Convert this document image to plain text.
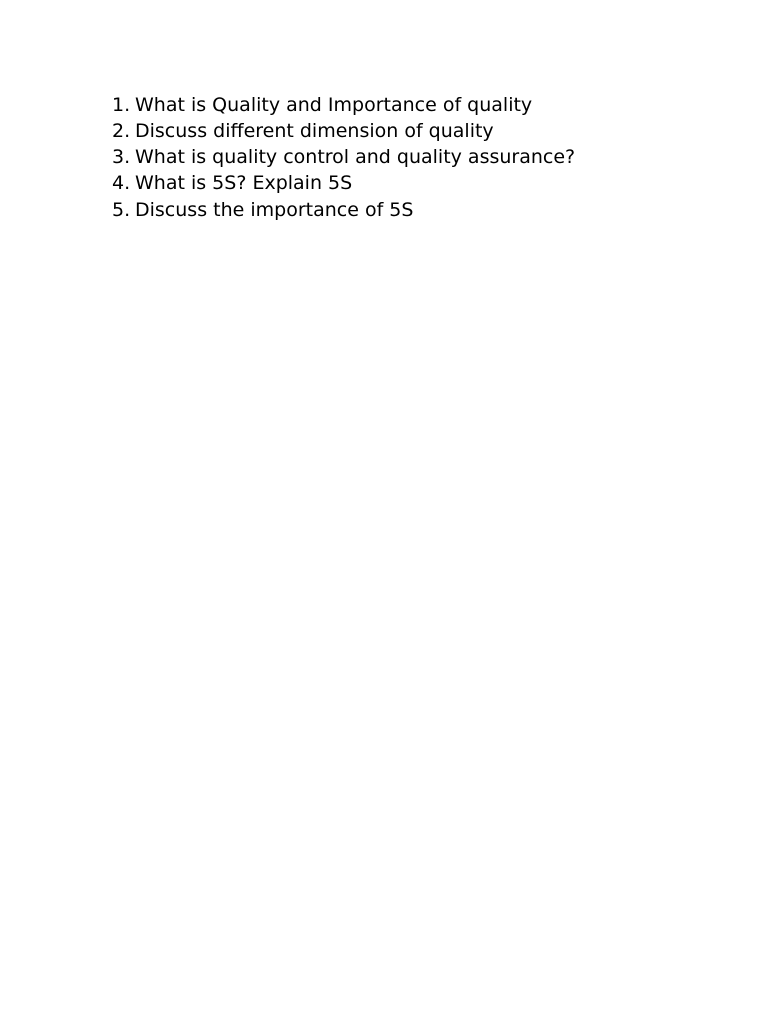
1. What is Quality and Importance of quality
2. Discuss different dimension of quality
3. What is quality control and quality assurance?
4. What is 5S? Explain 5S
5. Discuss the importance of 5S
